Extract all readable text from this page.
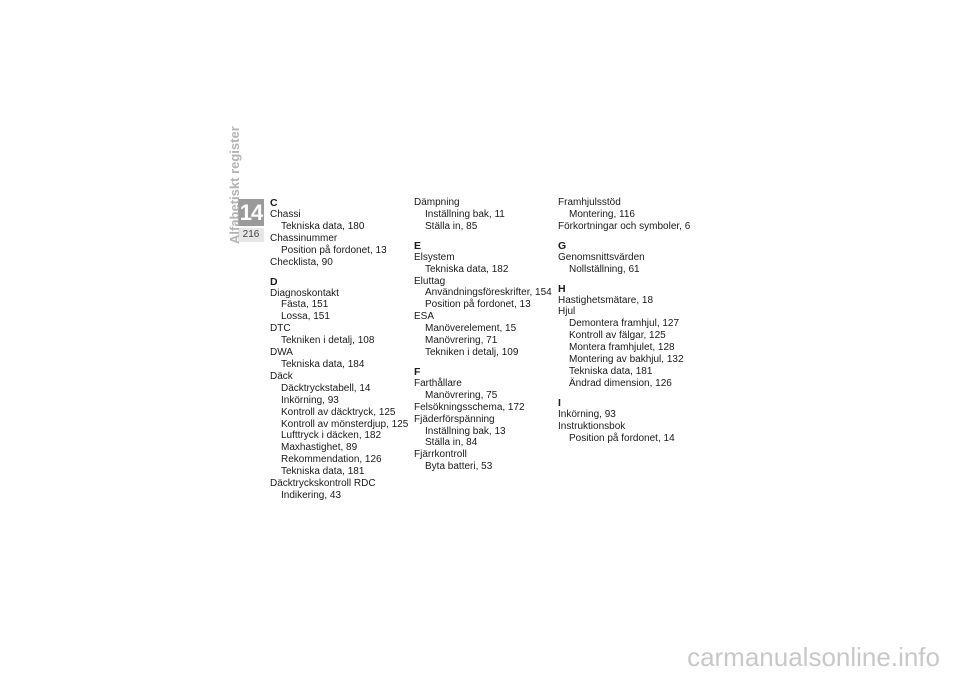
14
216
Alfabetiskt register	C
Chassi
Tekniska data, 180
Chassinummer
Position på fordonet, 13
Checklista, 90
D
Diagnoskontakt
Fästa, 151
Lossa, 151
DTC
Tekniken i detalj, 108
DWA
Tekniska data, 184
Däck
Däcktryckstabell, 14
Inkörning, 93
Kontroll av däcktryck, 125
Kontroll av mönsterdjup, 125
Lufttryck i däcken, 182
Maxhastighet, 89
Rekommendation, 126
Tekniska data, 181
Däcktryckskontroll RDC
Indikering, 43
Dämpning
Inställning bak, 11
Ställa in, 85
E
Elsystem
Tekniska data, 182
Eluttag
Användningsföreskrifter, 154
Position på fordonet, 13
ESA
Manöverelement, 15
Manövrering, 71
Tekniken i detalj, 109
F
Farthållare
Manövrering, 75
Felsökningsschema, 172
Fjäderförspänning
Inställning bak, 13
Ställa in, 84
Fjärrkontroll
Byta batteri, 53
Framhjulsstöd
Montering, 116
Förkortningar och symboler, 6
G
Genomsnittsvärden
Nollställning, 61
H
Hastighetsmätare, 18
Hjul
Demontera framhjul, 127
Kontroll av fälgar, 125
Montera framhjulet, 128
Montering av bakhjul, 132
Tekniska data, 181
Ändrad dimension, 126
I
Inkörning, 93
Instruktionsbok
Position på fordonet, 14
carmanualsonline.info
